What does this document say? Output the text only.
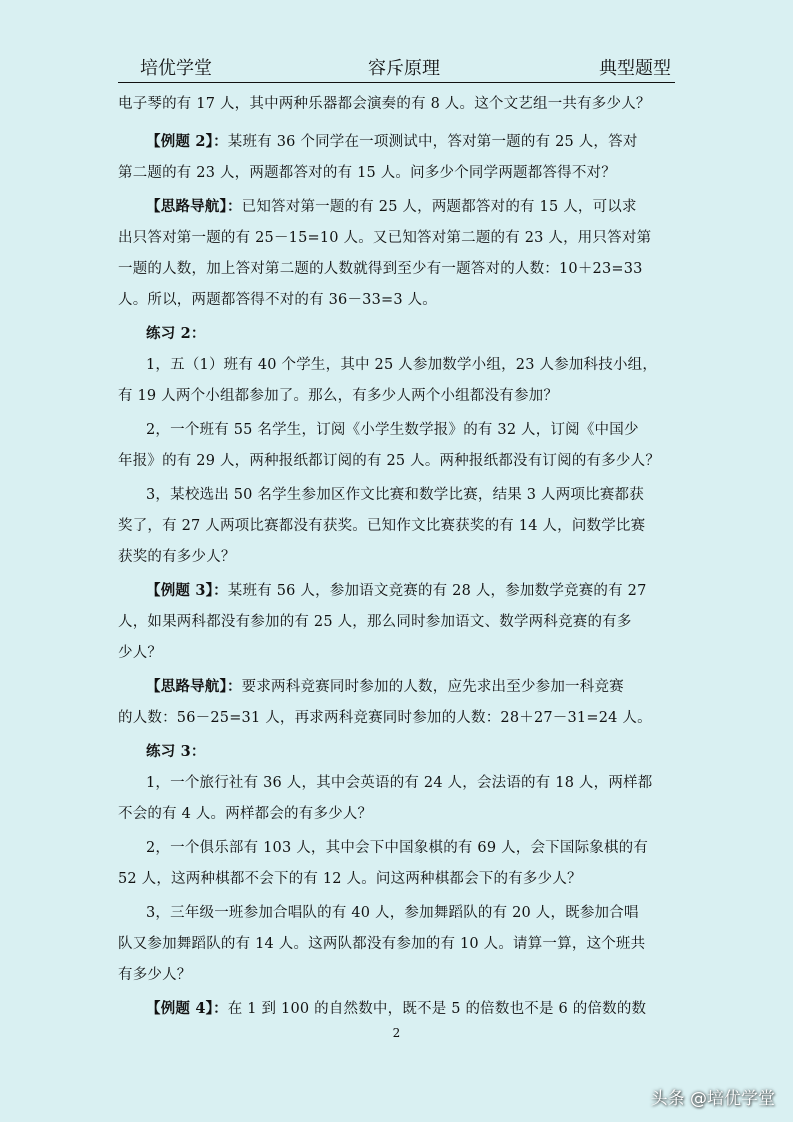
培优学堂	容斥原理	典型题型
电子琴的有 17 人，其中两种乐器都会演奏的有 8 人。这个文艺组一共有多少人？
【例题 2】：某班有 36 个同学在一项测试中，答对第一题的有 25 人，答对
第二题的有 23 人，两题都答对的有 15 人。问多少个同学两题都答得不对？
【思路导航】：已知答对第一题的有 25 人，两题都答对的有 15 人，可以求
出只答对第一题的有 25－15=10 人。又已知答对第二题的有 23 人，用只答对第
一题的人数，加上答对第二题的人数就得到至少有一题答对的人数：10＋23=33
人。所以，两题都答得不对的有 36－33=3 人。
练习 2：
1，五（1）班有 40 个学生，其中 25 人参加数学小组，23 人参加科技小组，
有 19 人两个小组都参加了。那么，有多少人两个小组都没有参加？
2，一个班有 55 名学生，订阅《小学生数学报》的有 32 人，订阅《中国少
年报》的有 29 人，两种报纸都订阅的有 25 人。两种报纸都没有订阅的有多少人？
3，某校选出 50 名学生参加区作文比赛和数学比赛，结果 3 人两项比赛都获
奖了，有 27 人两项比赛都没有获奖。已知作文比赛获奖的有 14 人，问数学比赛
获奖的有多少人？
【例题 3】：某班有 56 人，参加语文竞赛的有 28 人，参加数学竞赛的有 27
人，如果两科都没有参加的有 25 人，那么同时参加语文、数学两科竞赛的有多
少人？
【思路导航】：要求两科竞赛同时参加的人数，应先求出至少参加一科竞赛
的人数：56－25=31 人，再求两科竞赛同时参加的人数：28＋27－31=24 人。
练习 3：
1，一个旅行社有 36 人，其中会英语的有 24 人，会法语的有 18 人，两样都
不会的有 4 人。两样都会的有多少人？
2，一个俱乐部有 103 人，其中会下中国象棋的有 69 人，会下国际象棋的有
52 人，这两种棋都不会下的有 12 人。问这两种棋都会下的有多少人？
3，三年级一班参加合唱队的有 40 人，参加舞蹈队的有 20 人，既参加合唱
队又参加舞蹈队的有 14 人。这两队都没有参加的有 10 人。请算一算，这个班共
有多少人？
【例题 4】：在 1 到 100 的自然数中，既不是 5 的倍数也不是 6 的倍数的数
2
头条 @培优学堂
